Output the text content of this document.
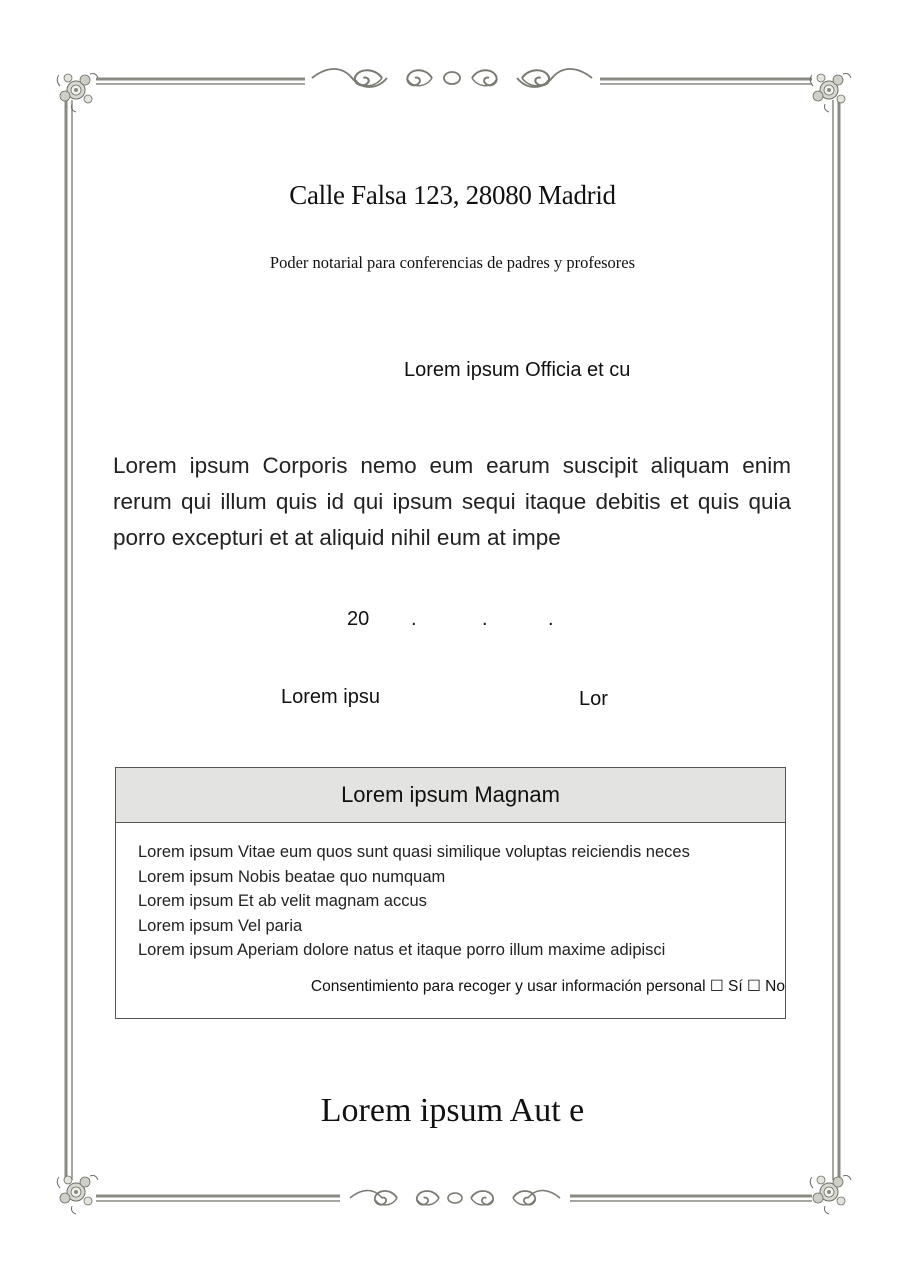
Calle Falsa 123, 28080 Madrid
Poder notarial para conferencias de padres y profesores
Lorem ipsum Officia et cu
Lorem ipsum Corporis nemo eum earum suscipit aliquam enim rerum qui illum quis id qui ipsum sequi itaque debitis et quis quia porro excepturi et at aliquid nihil eum at impe
20 .	.	.
Lorem ipsu	Lor
Lorem ipsum Magnam
Lorem ipsum Vitae eum quos sunt quasi similique voluptas reiciendis neces
Lorem ipsum Nobis beatae quo numquam
Lorem ipsum Et ab velit magnam accus
Lorem ipsum Vel paria
Lorem ipsum Aperiam dolore natus et itaque porro illum maxime adipisci
Consentimiento para recoger y usar información personal ☐ Sí ☐ No
Lorem ipsum Aut e
